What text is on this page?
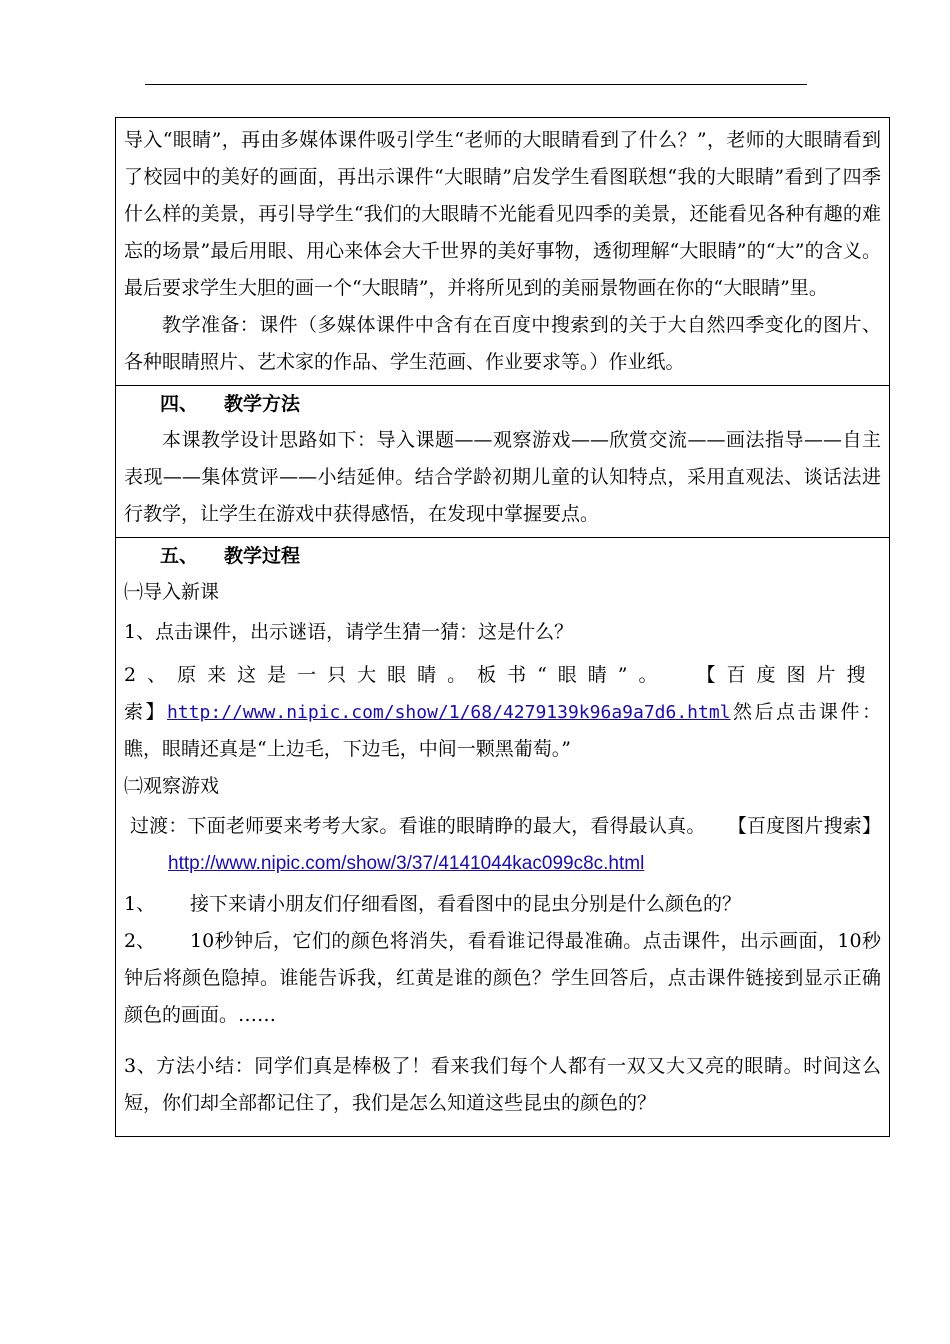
导入“眼睛”，再由多媒体课件吸引学生“老师的大眼睛看到了什么？”，老师的大眼睛看到了校园中的美好的画面，再出示课件“大眼睛”启发学生看图联想“我的大眼睛”看到了四季什么样的美景，再引导学生“我们的大眼睛不光能看见四季的美景，还能看见各种有趣的难忘的场景”最后用眼、用心来体会大千世界的美好事物，透彻理解“大眼睛”的“大”的含义。最后要求学生大胆的画一个“大眼睛”，并将所见到的美丽景物画在你的“大眼睛”里。

教学准备：课件（多媒体课件中含有在百度中搜索到的关于大自然四季变化的图片、各种眼睛照片、艺术家的作品、学生范画、作业要求等。）作业纸。

四、 教学方法

本课教学设计思路如下：导入课题——观察游戏——欣赏交流——画法指导——自主表现——集体赏评——小结延伸。结合学龄初期儿童的认知特点，采用直观法、谈话法进行教学，让学生在游戏中获得感悟，在发现中掌握要点。

五、 教学过程

㈠导入新课

1、点击课件，出示谜语，请学生猜一猜：这是什么？

2、原来这是一只大眼睛。板书“眼睛”。 【百度图片搜
索】http://www.nipic.com/show/1/68/4279139k96a9a7d6.html然后点击课件：瞧，眼睛还真是“上边毛，下边毛，中间一颗黑葡萄。”

㈡观察游戏

过渡：下面老师要来考考大家。看谁的眼睛睁的最大，看得最认真。 【百度图片搜索】http://www.nipic.com/show/3/37/4141044kac099c8c.html

1、 接下来请小朋友们仔细看图，看看图中的昆虫分别是什么颜色的？

2、 10秒钟后，它们的颜色将消失，看看谁记得最准确。点击课件，出示画面，10秒钟后将颜色隐掉。谁能告诉我，红黄是谁的颜色？学生回答后，点击课件链接到显示正确颜色的画面。……

3、方法小结：同学们真是棒极了！看来我们每个人都有一双又大又亮的眼睛。时间这么短，你们却全部都记住了，我们是怎么知道这些昆虫的颜色的？
